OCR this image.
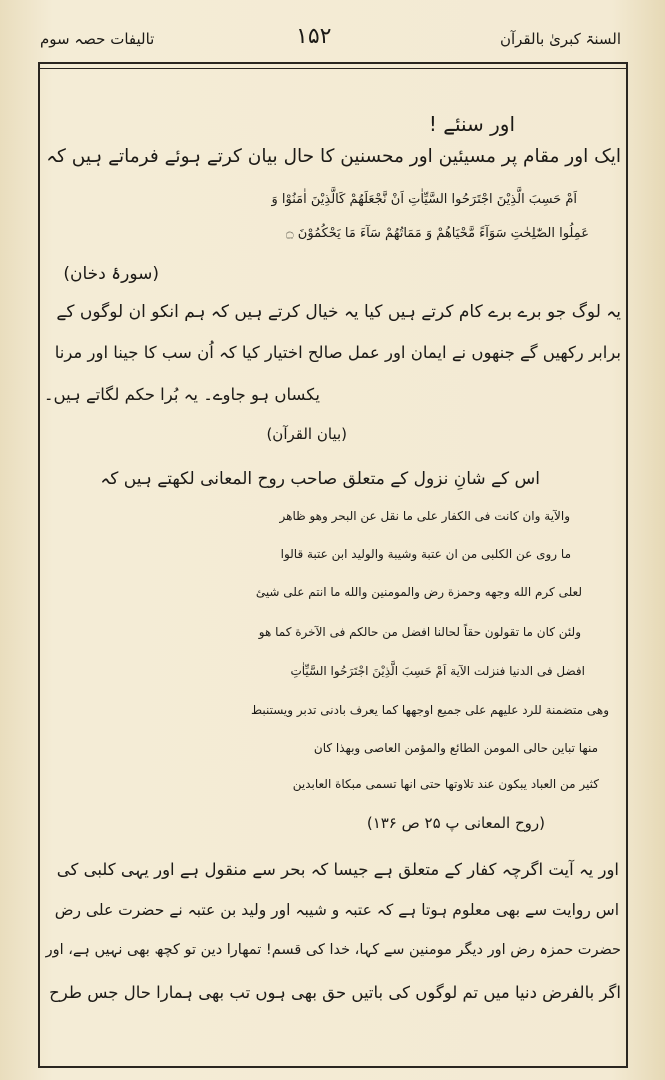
تالیفات حصہ سوم	۱۵۲	السنۃ کبریٰ بالقرآن
اور سنئے !
ایک اور مقام پر مسیئین اور محسنین کا حال بیان کرتے ہوئے فرماتے ہیں کہ
اَمْ حَسِبَ الَّذِیْنَ اجْتَرَحُوا السَّیِّاٰتِ اَنْ نَّجْعَلَهُمْ كَالَّذِیْنَ اٰمَنُوْا وَ
عَمِلُوا الصّٰلِحٰتِ سَوَآءً مَّحْیَاهُمْ وَ مَمَاتُهُمْ سَآءَ مَا یَحْكُمُوْنَ ۝
(سورۂ دخان)
یہ لوگ جو برے برے کام کرتے ہیں کیا یہ خیال کرتے ہیں کہ ہم انکو ان لوگوں کے
برابر رکھیں گے جنھوں نے ایمان اور عمل صالح اختیار کیا کہ اُن سب کا جینا اور مرنا
یکساں ہو جاوے۔ یہ بُرا حکم لگاتے ہیں۔
(بیان القرآن)
اس کے شانِ نزول کے متعلق صاحب روح المعانی لکھتے ہیں کہ
والآیة وان کانت فی الکفار علی ما نقل عن البحر وهو ظاهر
ما روی عن الکلبی من ان عتبة وشیبة والولید ابن عتبة قالوا
لعلی کرم الله وجهه وحمزة رض والمومنین والله ما انتم علی شیئ
ولئن کان ما تقولون حقاً لحالنا افضل من حالکم فی الآخرة کما هو
افضل فی الدنیا فنزلت الآیة اَمْ حَسِبَ الَّذِیْنَ اجْتَرَحُوا السَّیِّاٰتِ
وهی متضمنة للرد علیهم علی جمیع اوجهها کما یعرف بادنی تدبر ویستنبط
منها تباین حالی المومن الطائع والمؤمن العاصی وبهذا کان
کثیر من العباد یبکون عند تلاوتها حتی انها تسمی مبکاة العابدین
(روح المعانی پ ۲۵ ص ۱۳۶)
اور یہ آیت اگرچہ کفار کے متعلق ہے جیسا کہ بحر سے منقول ہے اور یہی کلبی کی
اس روایت سے بھی معلوم ہوتا ہے کہ عتبہ و شیبہ اور ولید بن عتبہ نے حضرت علی رض
حضرت حمزہ رض اور دیگر مومنین سے کہا، خدا کی قسم! تمھارا دین تو کچھ بھی نہیں ہے، اور
اگر بالفرض دنیا میں تم لوگوں کی باتیں حق بھی ہوں تب بھی ہمارا حال جس طرح
